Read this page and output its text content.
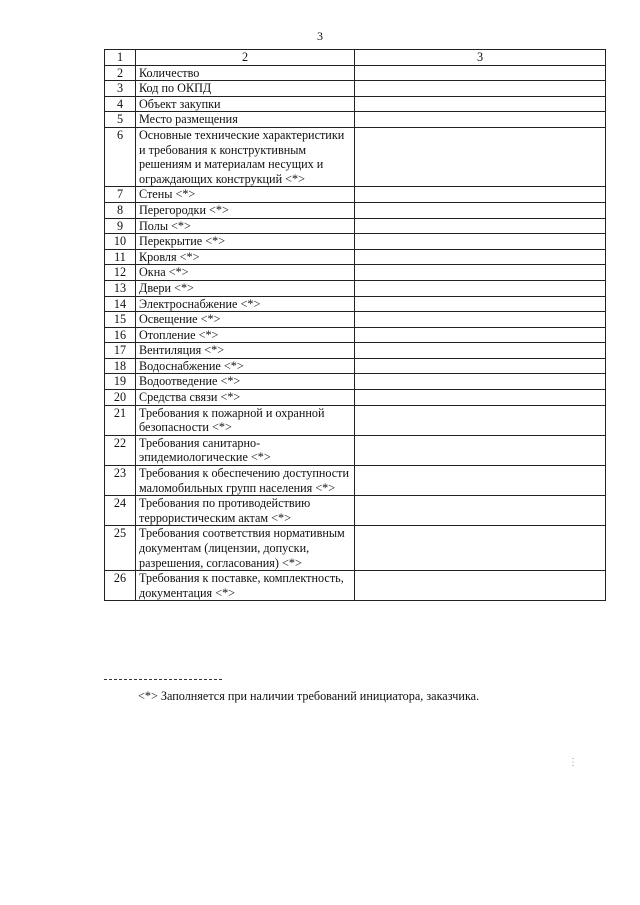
3
1	2	3
2	Количество	
3	Код по ОКПД	
4	Объект закупки	
5	Место размещения	
6	Основные технические характеристики и требования к конструктивным решениям и материалам несущих и ограждающих конструкций <*>	
7	Стены <*>	
8	Перегородки <*>	
9	Полы <*>	
10	Перекрытие <*>	
11	Кровля <*>	
12	Окна <*>	
13	Двери <*>	
14	Электроснабжение <*>	
15	Освещение <*>	
16	Отопление <*>	
17	Вентиляция <*>	
18	Водоснабжение <*>	
19	Водоотведение <*>	
20	Средства связи <*>	
21	Требования к пожарной и охранной безопасности <*>	
22	Требования санитарно-эпидемиологические <*>	
23	Требования к обеспечению доступности маломобильных групп населения <*>	
24	Требования по противодействию террористическим актам <*>	
25	Требования соответствия нормативным документам (лицензии, допуски, разрешения, согласования) <*>	
26	Требования к поставке, комплектность, документация <*>	
<*> Заполняется при наличии требований инициатора, заказчика.
⋮
